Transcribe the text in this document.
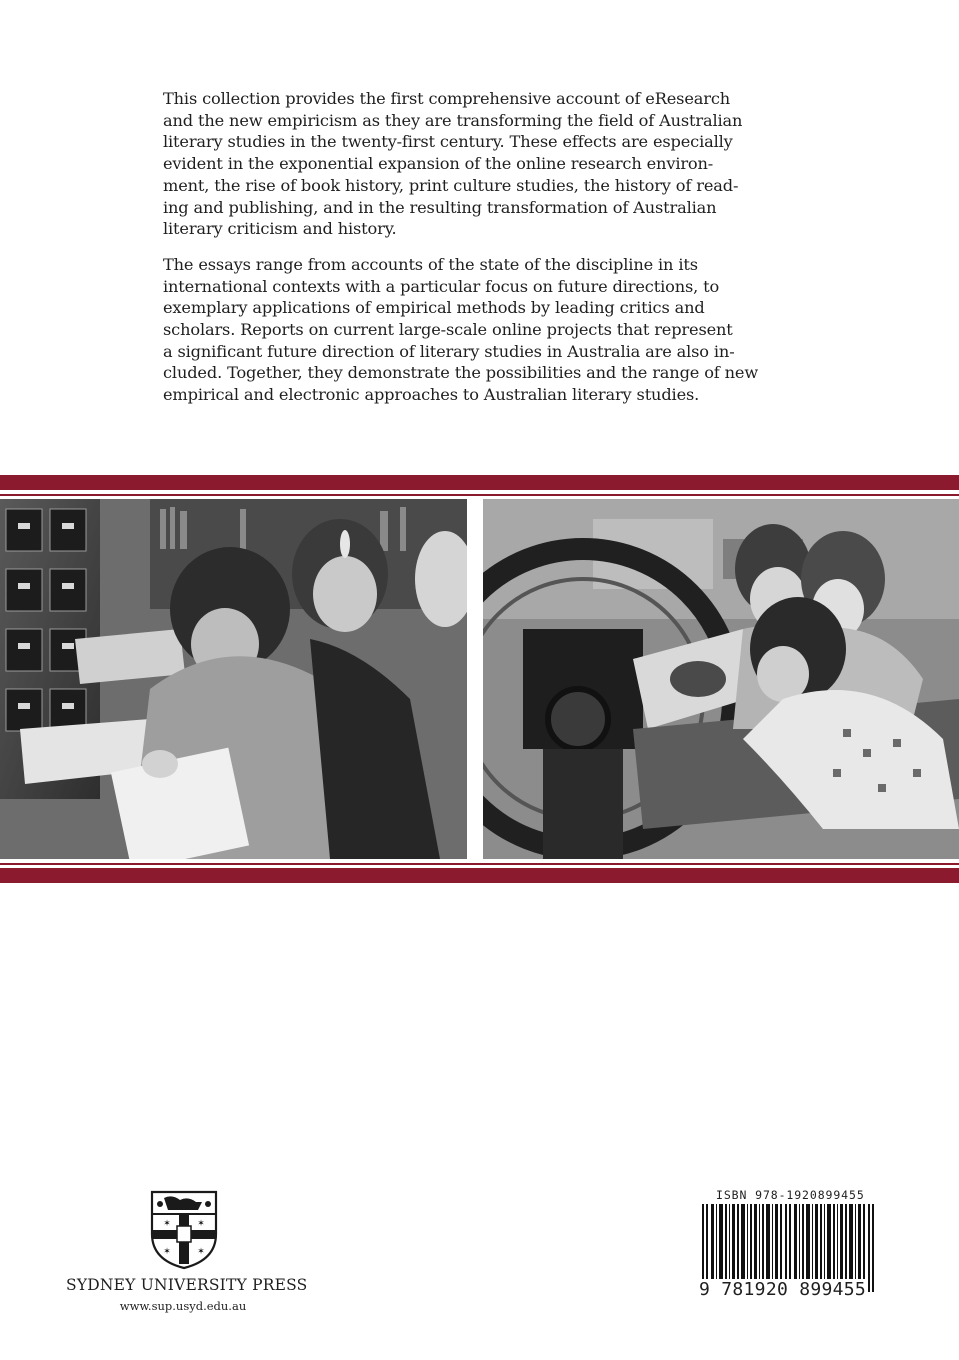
This collection provides the first comprehensive account of eResearch
and the new empiricism as they are transforming the field of Australian
literary studies in the twenty-first century. These effects are especially
evident in the exponential expansion of the online research environ-
ment, the rise of book history, print culture studies, the history of read-
ing and publishing, and in the resulting transformation of Australian
literary criticism and history.

The essays range from accounts of the state of the discipline in its
international contexts with a particular focus on future directions, to
exemplary applications of empirical methods by leading critics and
scholars. Reports on current large-scale online projects that represent
a significant future direction of literary studies in Australia are also in-
cluded. Together, they demonstrate the possibilities and the range of new
empirical and electronic approaches to Australian literary studies.

✶	✶
✶	✶
SYDNEY UNIVERSITY PRESS
www.sup.usyd.edu.au
ISBN 978-1920899455
9 781920 899455
